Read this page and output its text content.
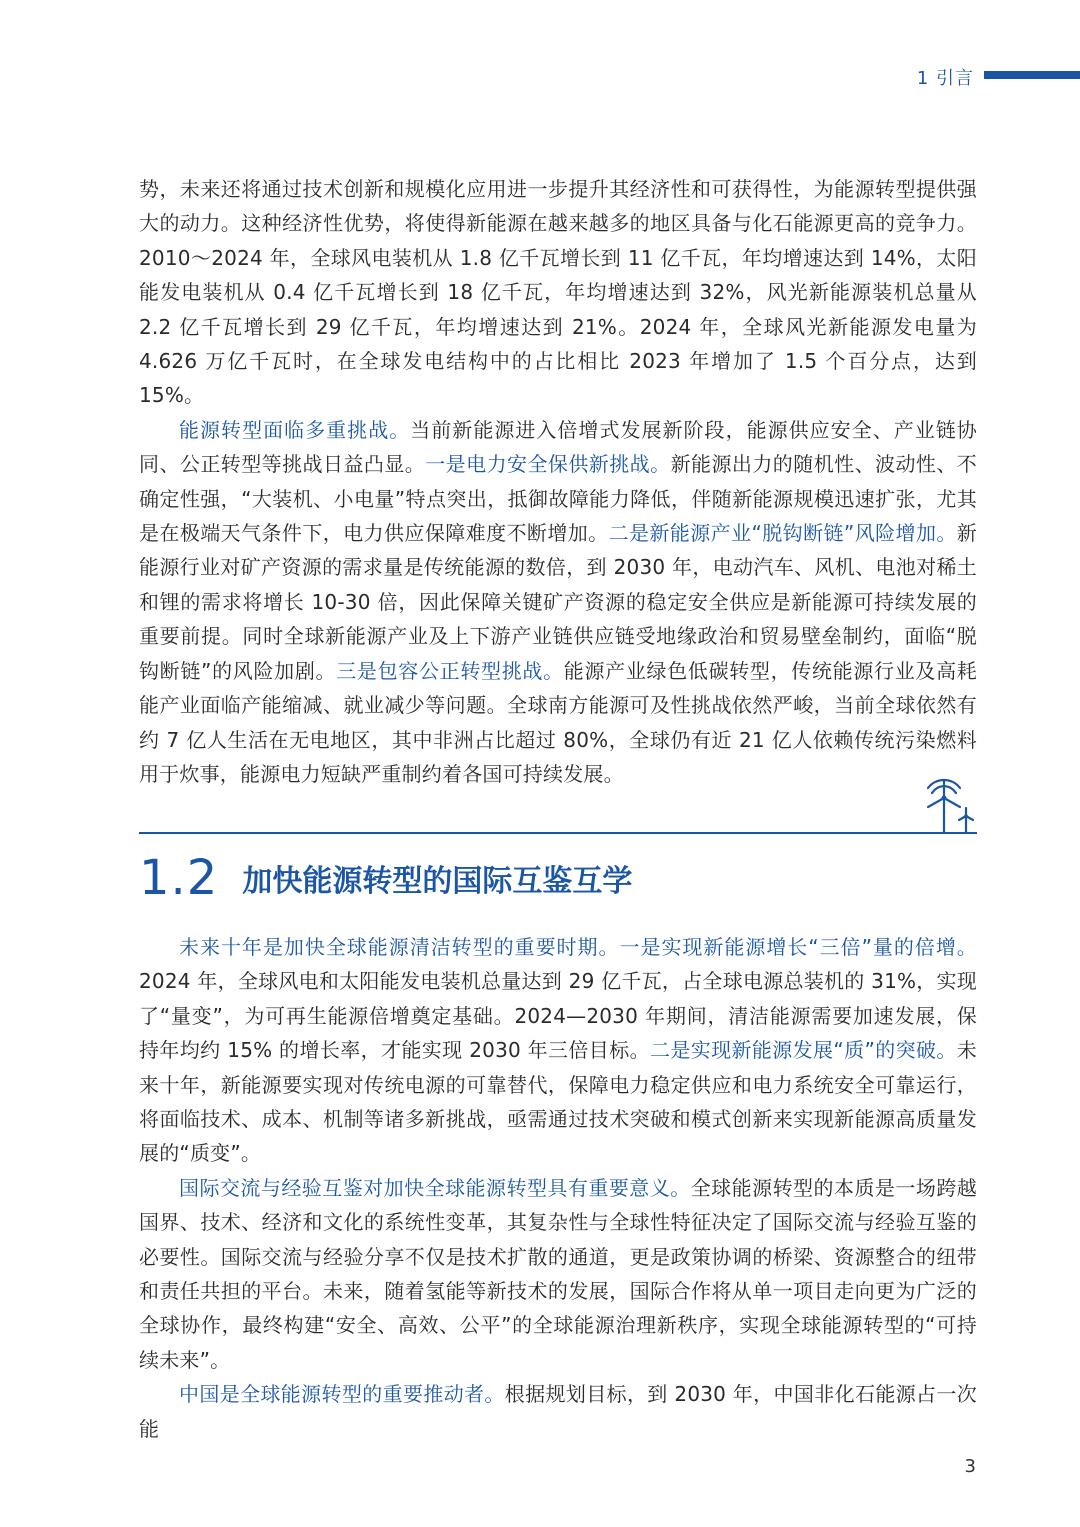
1 引言

势，未来还将通过技术创新和规模化应用进一步提升其经济性和可获得性，为能源转型提供强大的动力。这种经济性优势，将使得新能源在越来越多的地区具备与化石能源更高的竞争力。2010～2024 年，全球风电装机从 1.8 亿千瓦增长到 11 亿千瓦，年均增速达到 14%，太阳能发电装机从 0.4 亿千瓦增长到 18 亿千瓦，年均增速达到 32%，风光新能源装机总量从 2.2 亿千瓦增长到 29 亿千瓦，年均增速达到 21%。2024 年，全球风光新能源发电量为 4.626 万亿千瓦时，在全球发电结构中的占比相比 2023 年增加了 1.5 个百分点，达到 15%。

能源转型面临多重挑战。当前新能源进入倍增式发展新阶段，能源供应安全、产业链协同、公正转型等挑战日益凸显。一是电力安全保供新挑战。新能源出力的随机性、波动性、不确定性强，“大装机、小电量”特点突出，抵御故障能力降低，伴随新能源规模迅速扩张，尤其是在极端天气条件下，电力供应保障难度不断增加。二是新能源产业“脱钩断链”风险增加。新能源行业对矿产资源的需求量是传统能源的数倍，到 2030 年，电动汽车、风机、电池对稀土和锂的需求将增长 10-30 倍，因此保障关键矿产资源的稳定安全供应是新能源可持续发展的重要前提。同时全球新能源产业及上下游产业链供应链受地缘政治和贸易壁垒制约，面临“脱钩断链”的风险加剧。三是包容公正转型挑战。能源产业绿色低碳转型，传统能源行业及高耗能产业面临产能缩减、就业减少等问题。全球南方能源可及性挑战依然严峻，当前全球依然有约 7 亿人生活在无电地区，其中非洲占比超过 80%，全球仍有近 21 亿人依赖传统污染燃料用于炊事，能源电力短缺严重制约着各国可持续发展。

1.2 加快能源转型的国际互鉴互学

未来十年是加快全球能源清洁转型的重要时期。一是实现新能源增长“三倍”量的倍增。2024 年，全球风电和太阳能发电装机总量达到 29 亿千瓦，占全球电源总装机的 31%，实现了“量变”，为可再生能源倍增奠定基础。2024—2030 年期间，清洁能源需要加速发展，保持年均约 15% 的增长率，才能实现 2030 年三倍目标。二是实现新能源发展“质”的突破。未来十年，新能源要实现对传统电源的可靠替代，保障电力稳定供应和电力系统安全可靠运行，将面临技术、成本、机制等诸多新挑战，亟需通过技术突破和模式创新来实现新能源高质量发展的“质变”。

国际交流与经验互鉴对加快全球能源转型具有重要意义。全球能源转型的本质是一场跨越国界、技术、经济和文化的系统性变革，其复杂性与全球性特征决定了国际交流与经验互鉴的必要性。国际交流与经验分享不仅是技术扩散的通道，更是政策协调的桥梁、资源整合的纽带和责任共担的平台。未来，随着氢能等新技术的发展，国际合作将从单一项目走向更为广泛的全球协作，最终构建“安全、高效、公平”的全球能源治理新秩序，实现全球能源转型的“可持续未来”。

中国是全球能源转型的重要推动者。根据规划目标，到 2030 年，中国非化石能源占一次能

3
